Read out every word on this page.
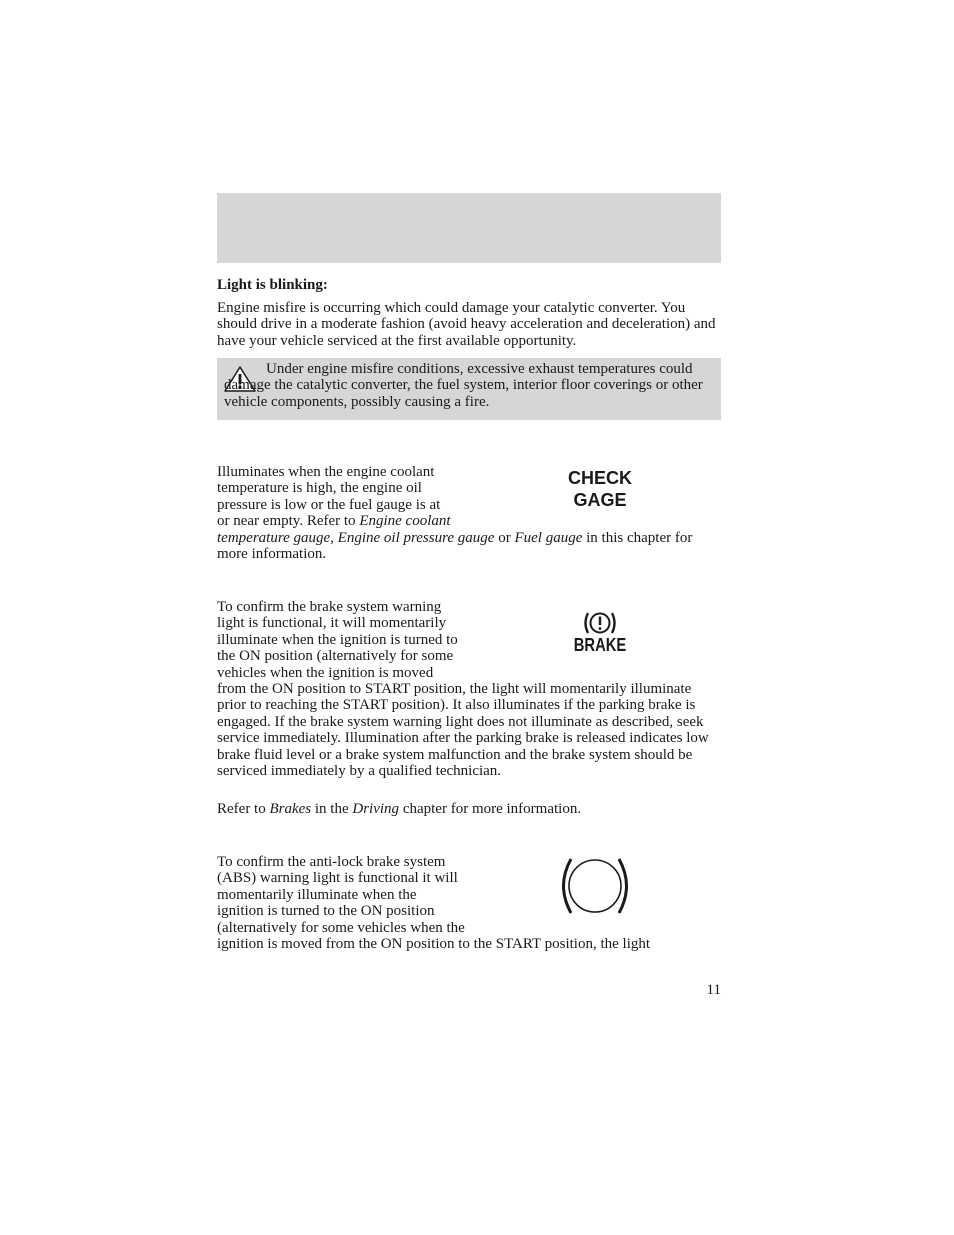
Light is blinking:

Engine misfire is occurring which could damage your catalytic converter. You should drive in a moderate fashion (avoid heavy acceleration and deceleration) and have your vehicle serviced at the first available opportunity.

Under engine misfire conditions, excessive exhaust temperatures could damage the catalytic converter, the fuel system, interior floor coverings or other vehicle components, possibly causing a fire.

CHECK
GAGE

Illuminates when the engine coolant temperature is high, the engine oil pressure is low or the fuel gauge is at or near empty. Refer to Engine coolant temperature gauge, Engine oil pressure gauge or Fuel gauge in this chapter for more information.

BRAKE

To confirm the brake system warning light is functional, it will momentarily illuminate when the ignition is turned to the ON position (alternatively for some vehicles when the ignition is moved from the ON position to START position, the light will momentarily illuminate prior to reaching the START position). It also illuminates if the parking brake is engaged. If the brake system warning light does not illuminate as described, seek service immediately. Illumination after the parking brake is released indicates low brake fluid level or a brake system malfunction and the brake system should be serviced immediately by a qualified technician.

Refer to Brakes in the Driving chapter for more information.

To confirm the anti-lock brake system (ABS) warning light is functional it will momentarily illuminate when the ignition is turned to the ON position (alternatively for some vehicles when the ignition is moved from the ON position to the START position, the light

11
